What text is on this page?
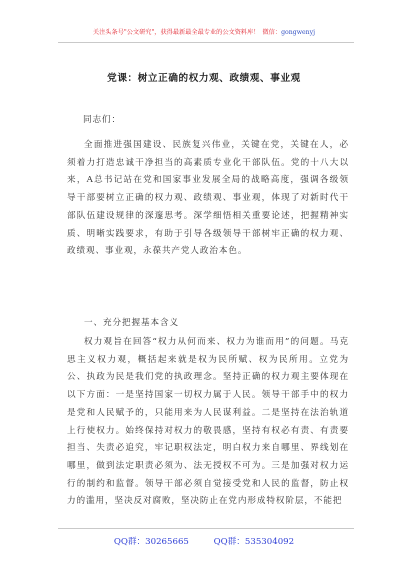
关注头条号"公文研究"，获得最新最全最专业的公文资料库！ 微信：gongwenyj
党课：树立正确的权力观、政绩观、事业观

同志们：

全面推进强国建设、民族复兴伟业，关键在党，关键在人，必须着力打造忠诚干净担当的高素质专业化干部队伍。党的十八大以来，A总书记站在党和国家事业发展全局的战略高度，强调各级领导干部要树立正确的权力观、政绩观、事业观，体现了对新时代干部队伍建设规律的深邃思考。深学细悟相关重要论述，把握精神实质、明晰实践要求，有助于引导各级领导干部树牢正确的权力观、政绩观、事业观，永葆共产党人政治本色。

一、充分把握基本含义

权力观旨在回答“权力从何而来、权力为谁而用”的问题。马克思主义权力观，概括起来就是权为民所赋、权为民所用。立党为公、执政为民是我们党的执政理念。坚持正确的权力观主要体现在以下方面：一是坚持国家一切权力属于人民。领导干部手中的权力是党和人民赋予的，只能用来为人民谋利益。二是坚持在法治轨道上行使权力。始终保持对权力的敬畏感，坚持有权必有责、有责要担当、失责必追究，牢记职权法定，明白权力来自哪里、界线划在哪里，做到法定职责必须为、法无授权不可为。三是加强对权力运行的制约和监督。领导干部必须自觉接受党和人民的监督，防止权力的滥用，坚决反对腐败，坚决防止在党内形成特权阶层，不能把

QQ群：30265665	QQ群：535304092
